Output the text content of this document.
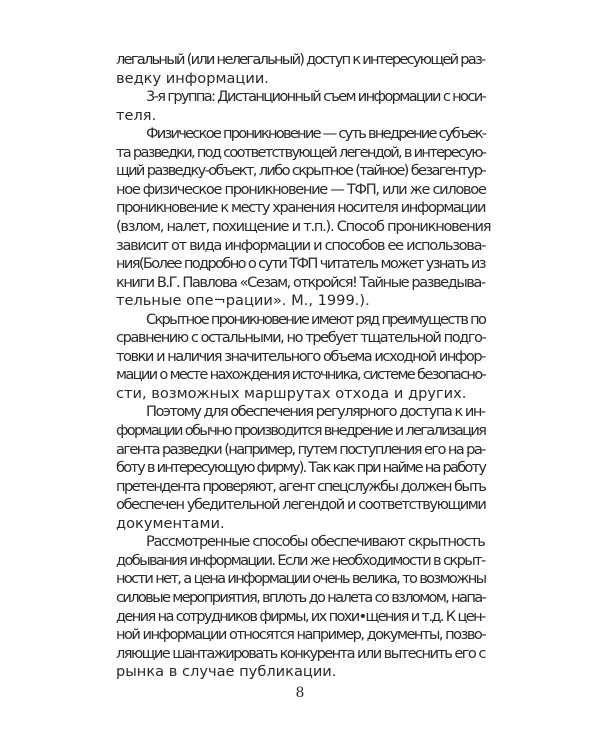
легальный (или нелегальный) доступ к интересующей раз-
ведку информации.
3-я группа: Дистанционный съем информации с носи-
теля.
Физическое проникновение — суть внедрение субъек-
та разведки, под соответствующей легендой, в интересую-
щий разведку-объект, либо скрытное (тайное) безагентур-
ное физическое проникновение — ТФП, или же силовое
проникновение к месту хранения носителя информации
(взлом, налет, похищение и т.п.). Способ проникновения
зависит от вида информации и способов ее использова-
ния(Более подробно о сути ТФП читатель может узнать из
книги В.Г. Павлова «Сезам, откройся! Тайные разведыва-
тельные опе¬рации». М., 1999.).
Скрытное проникновение имеют ряд преимуществ по
сравнению с остальными, но требует тщательной подго-
товки и наличия значительного объема исходной инфор-
мации о месте нахождения источника, системе безопасно-
сти, возможных маршрутах отхода и других.
Поэтому для обеспечения регулярного доступа к ин-
формации обычно производится внедрение и легализация
агента разведки (например, путем поступления его на ра-
боту в интересующую фирму). Так как при найме на работу
претендента проверяют, агент спецслужбы должен быть
обеспечен убедительной легендой и соответствующими
документами.
Рассмотренные способы обеспечивают скрытность
добывания информации. Если же необходимости в скрыт-
ности нет, а цена информации очень велика, то возможны
силовые мероприятия, вплоть до налета со взломом, напа-
дения на сотрудников фирмы, их похи•щения и т.д. К цен-
ной информации относятся например, документы, позво-
ляющие шантажировать конкурента или вытеснить его с
рынка в случае публикации.
8
